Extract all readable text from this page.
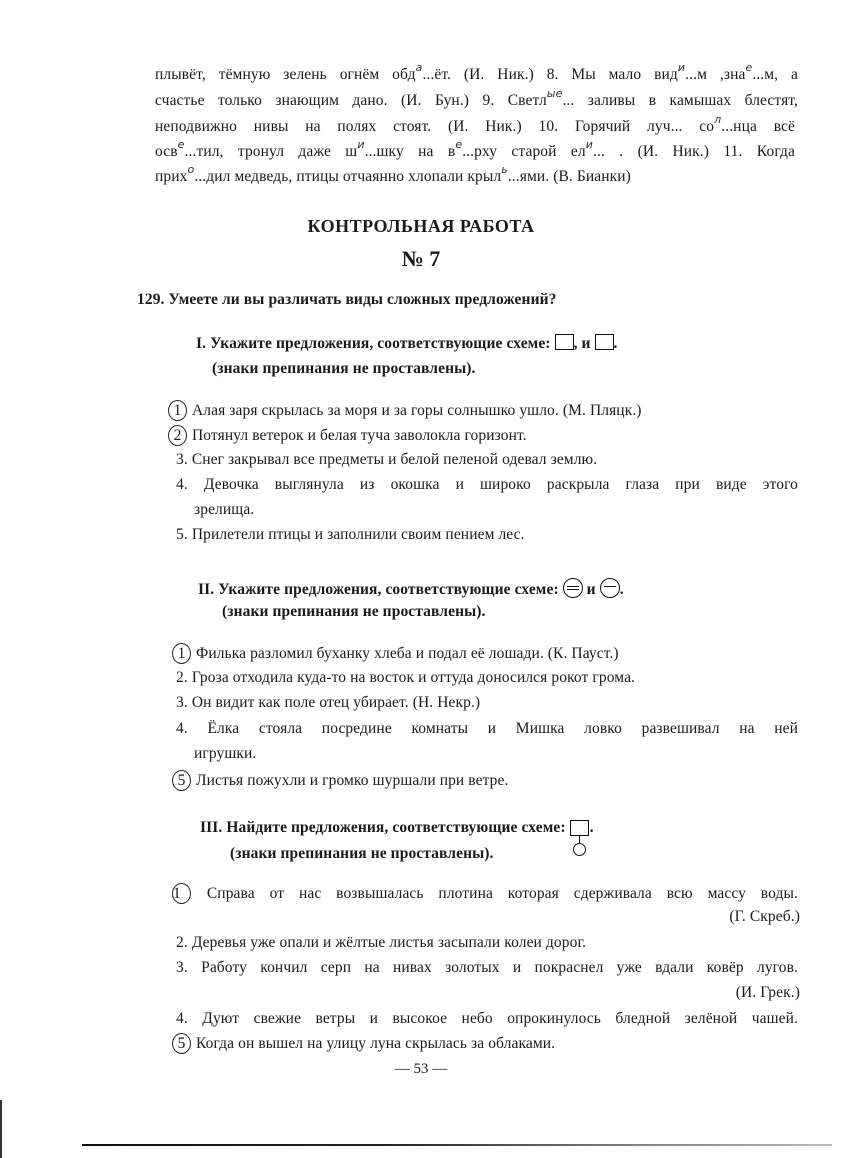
плывёт, тёмную зелень огнём обд$^а$...ёт. (И. Ник.) 8. Мы мало вид$^и$...м ,зна$^е$...м, а
счастье только знающим дано. (И. Бун.) 9. Светл$^{ые}$... заливы в камышах блестят,
неподвижно нивы на полях стоят. (И. Ник.) 10. Горячий луч... $со^л...нца$ всё
осв$^е$...тил, тронул даже $ш^и...шку$ на $в^е...рху$ старой $ел^и$... . (И. Ник.) 11. Когда
прих$^о$...дил медведь, птицы отчаянно хлопали крыл$^ь$...ями. (В. Бианки)
КОНТРОЛЬНАЯ РАБОТА
№ 7
129. Умеете ли вы различать виды сложных предложений?
I. Укажите предложения, соответствующие схеме: , и .
(знаки препинания не проставлены).
1 Алая заря скрылась за моря и за горы солнышко ушло. (М. Пляцк.)
2 Потянул ветерок и белая туча заволокла горизонт.
3. Снег закрывал все предметы и белой пеленой одевал землю.
4. Девочка выглянула из окошка и широко раскрыла глаза при виде этого
зрелища.
5. Прилетели птицы и заполнили своим пением лес.
II. Укажите предложения, соответствующие схеме: и .
(знаки препинания не проставлены).
1 Филька разломил буханку хлеба и подал её лошади. (К. Пауст.)
2. Гроза отходила куда-то на восток и оттуда доносился рокот грома.
3. Он видит как поле отец убирает. (Н. Некр.)
4. Ёлка стояла посредине комнаты и Мишка ловко развешивал на ней
игрушки.
5 Листья пожухли и громко шуршали при ветре.
III. Найдите предложения, соответствующие схеме: .
(знаки препинания не проставлены).
1 Справа от нас возвышалась плотина которая сдерживала всю массу воды.
(Г. Скреб.)
2. Деревья уже опали и жёлтые листья засыпали колеи дорог.
3. Работу кончил серп на нивах золотых и покраснел уже вдали ковёр лугов.
(И. Грек.)
4. Дуют свежие ветры и высокое небо опрокинулось бледной зелёной чашей.
5 Когда он вышел на улицу луна скрылась за облаками.
— 53 —
